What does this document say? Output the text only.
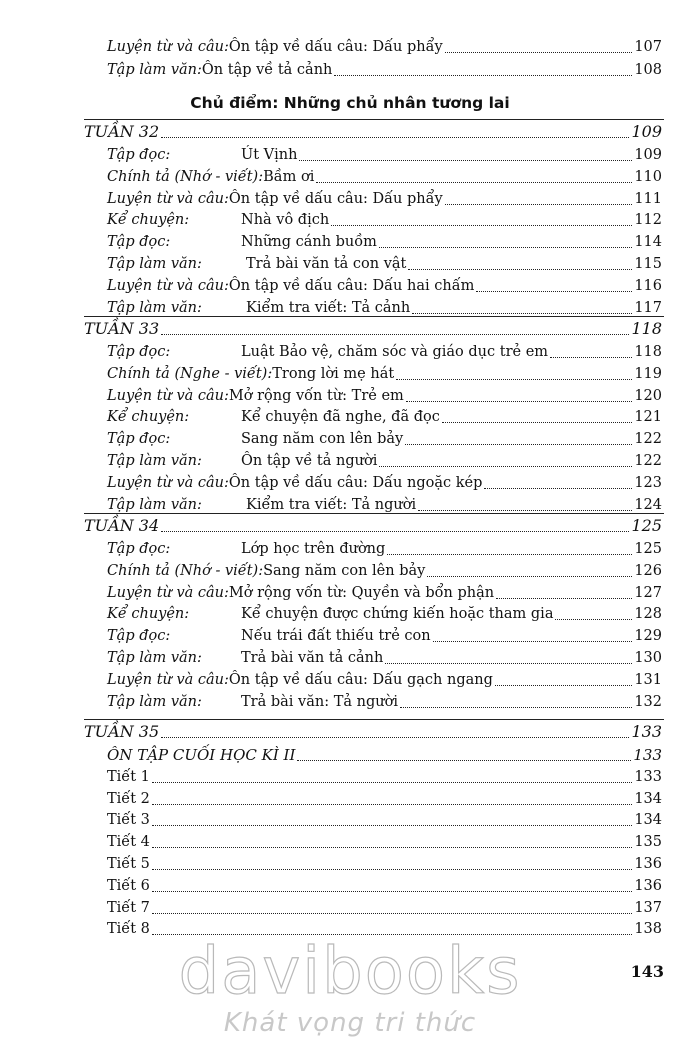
Luyện từ và câu: Ôn tập về dấu câu: Dấu phẩy	107
Tập làm văn: Ôn tập về tả cảnh	108
Chủ điểm: Những chủ nhân tương lai
TUẦN 32	109
Tập đọc:	Út Vịnh	109
Chính tả (Nhớ - viết): Bầm ơi	110
Luyện từ và câu: Ôn tập về dấu câu: Dấu phẩy	111
Kể chuyện:	Nhà vô địch	112
Tập đọc:	Những cánh buồm	114
Tập làm văn:	Trả bài văn tả con vật	115
Luyện từ và câu: Ôn tập về dấu câu: Dấu hai chấm	116
Tập làm văn:	Kiểm tra viết: Tả cảnh	117
TUẦN 33	118
Tập đọc:	Luật Bảo vệ, chăm sóc và giáo dục trẻ em	118
Chính tả (Nghe - viết): Trong lời mẹ hát	119
Luyện từ và câu: Mở rộng vốn từ: Trẻ em	120
Kể chuyện:	Kể chuyện đã nghe, đã đọc	121
Tập đọc:	Sang năm con lên bảy	122
Tập làm văn:	Ôn tập về tả người	122
Luyện từ và câu: Ôn tập về dấu câu: Dấu ngoặc kép	123
Tập làm văn:	Kiểm tra viết: Tả người	124
TUẦN 34	125
Tập đọc:	Lớp học trên đường	125
Chính tả (Nhớ - viết): Sang năm con lên bảy	126
Luyện từ và câu: Mở rộng vốn từ: Quyền và bổn phận	127
Kể chuyện:	Kể chuyện được chứng kiến hoặc tham gia	128
Tập đọc:	Nếu trái đất thiếu trẻ con	129
Tập làm văn:	Trả bài văn tả cảnh	130
Luyện từ và câu: Ôn tập về dấu câu: Dấu gạch ngang	131
Tập làm văn:	Trả bài văn: Tả người	132
TUẦN 35	133
ÔN TẬP CUỐI HỌC KÌ II	133
Tiết 1	133
Tiết 2	134
Tiết 3	134
Tiết 4	135
Tiết 5	136
Tiết 6	136
Tiết 7	137
Tiết 8	138
143
davibooks
Khát vọng tri thức
